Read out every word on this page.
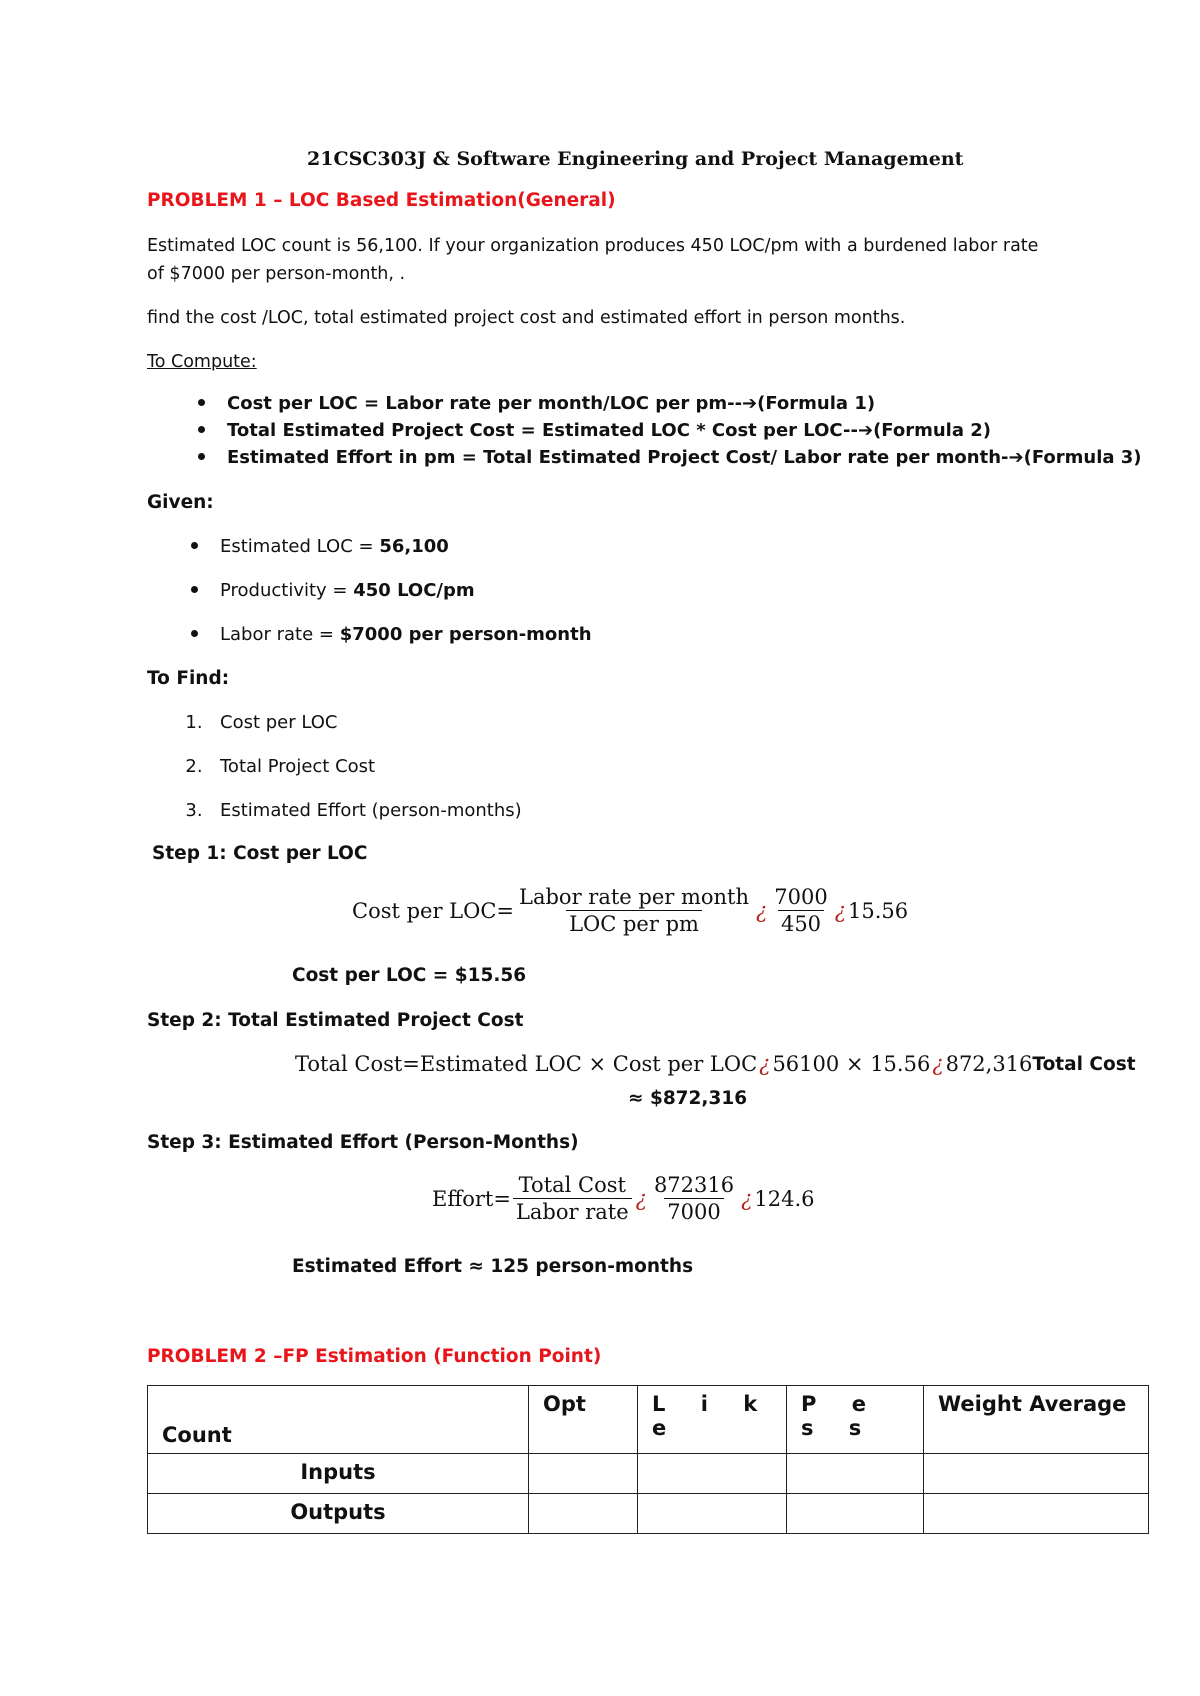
21CSC303J & Software Engineering and Project Management
PROBLEM 1 – LOC Based Estimation(General)
Estimated LOC count is 56,100. If your organization produces 450 LOC/pm with a burdened labor rate
of $7000 per person-month, .
find the cost /LOC, total estimated project cost and estimated effort in person months.
To Compute:
Cost per LOC = Labor rate per month/LOC per pm--➔(Formula 1)
Total Estimated Project Cost = Estimated LOC * Cost per LOC--➔(Formula 2)
Estimated Effort in pm = Total Estimated Project Cost/ Labor rate per month-➔(Formula 3)
Given:
Estimated LOC = 56,100
Productivity = 450 LOC/pm
Labor rate = $7000 per person-month
To Find:
1. Cost per LOC
2. Total Project Cost
3. Estimated Effort (person-months)
Step 1: Cost per LOC
Cost per $LOC= \frac{\text{Labor rate per month}}{\text{LOC per pm}}$ ¿ $\frac{7000}{450}$ ¿ 15.56
Cost per LOC = $15.56
Step 2: Total Estimated Project Cost
Total Cost=Estimated LOC × Cost per LOC ¿ 56100 × 15.56 ¿ 872,316 Total Cost
≈ $872,316
Step 3: Estimated Effort (Person-Months)
Effort= $\frac{\text{Total Cost}}{\text{Labor rate}}$ ¿ $\frac{872316}{7000}$ ¿ 124.6
Estimated Effort ≈ 125 person-months
PROBLEM 2 –FP Estimation (Function Point)
Count	Opt	L i k e	P e s s	Weight Average
Inputs				
Outputs				
